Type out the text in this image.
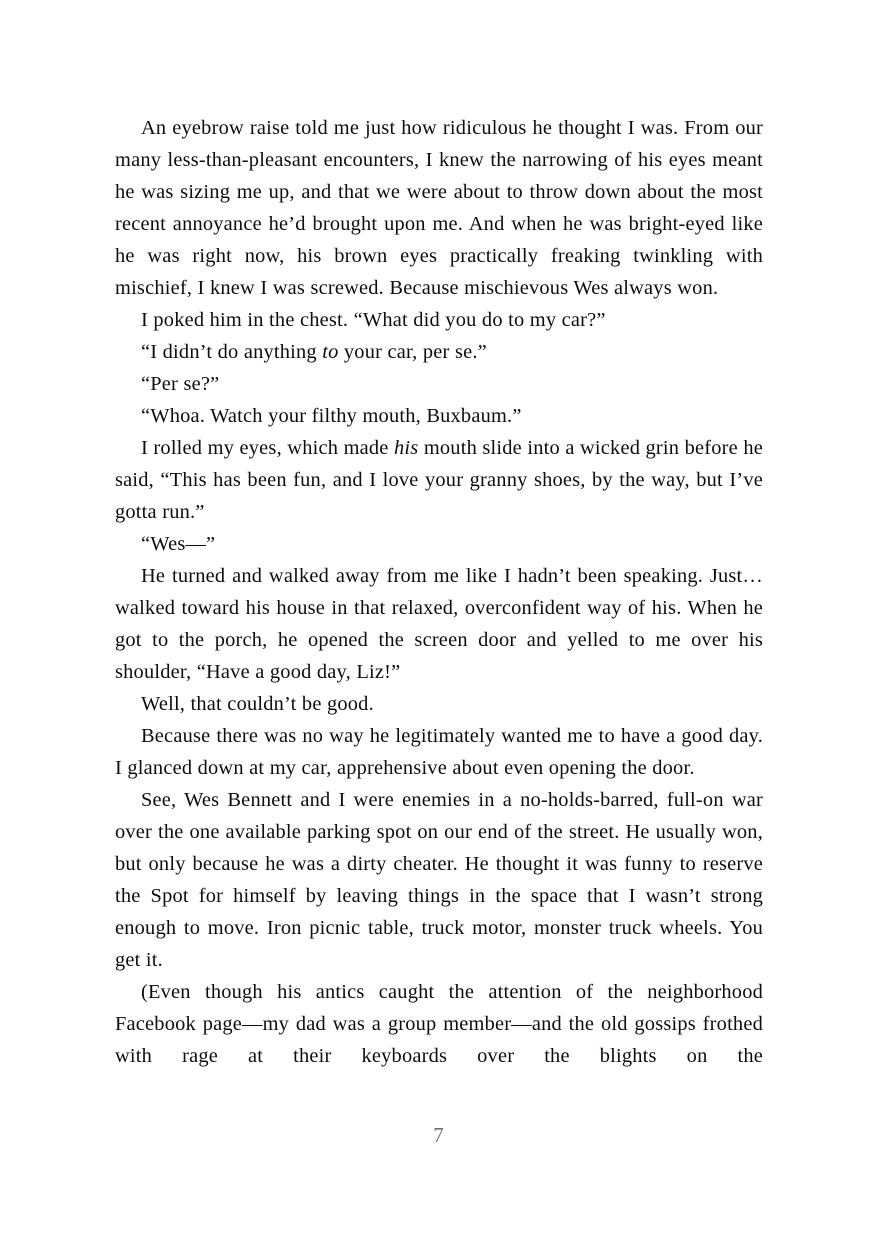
An eyebrow raise told me just how ridiculous he thought I was. From our many less-than-pleasant encounters, I knew the narrowing of his eyes meant he was sizing me up, and that we were about to throw down about the most recent annoyance he’d brought upon me. And when he was bright-eyed like he was right now, his brown eyes practically freaking twinkling with mischief, I knew I was screwed. Because mischievous Wes always won.

I poked him in the chest. “What did you do to my car?”

“I didn’t do anything to your car, per se.”

“Per se?”

“Whoa. Watch your filthy mouth, Buxbaum.”

I rolled my eyes, which made his mouth slide into a wicked grin before he said, “This has been fun, and I love your granny shoes, by the way, but I’ve gotta run.”

“Wes—”

He turned and walked away from me like I hadn’t been speaking. Just… walked toward his house in that relaxed, overconfident way of his. When he got to the porch, he opened the screen door and yelled to me over his shoulder, “Have a good day, Liz!”

Well, that couldn’t be good.

Because there was no way he legitimately wanted me to have a good day. I glanced down at my car, apprehensive about even opening the door.

See, Wes Bennett and I were enemies in a no-holds-barred, full-on war over the one available parking spot on our end of the street. He usually won, but only because he was a dirty cheater. He thought it was funny to reserve the Spot for himself by leaving things in the space that I wasn’t strong enough to move. Iron picnic table, truck motor, monster truck wheels. You get it.

(Even though his antics caught the attention of the neighborhood Facebook page—my dad was a group member—and the old gossips frothed with rage at their keyboards over the blights on the

7
